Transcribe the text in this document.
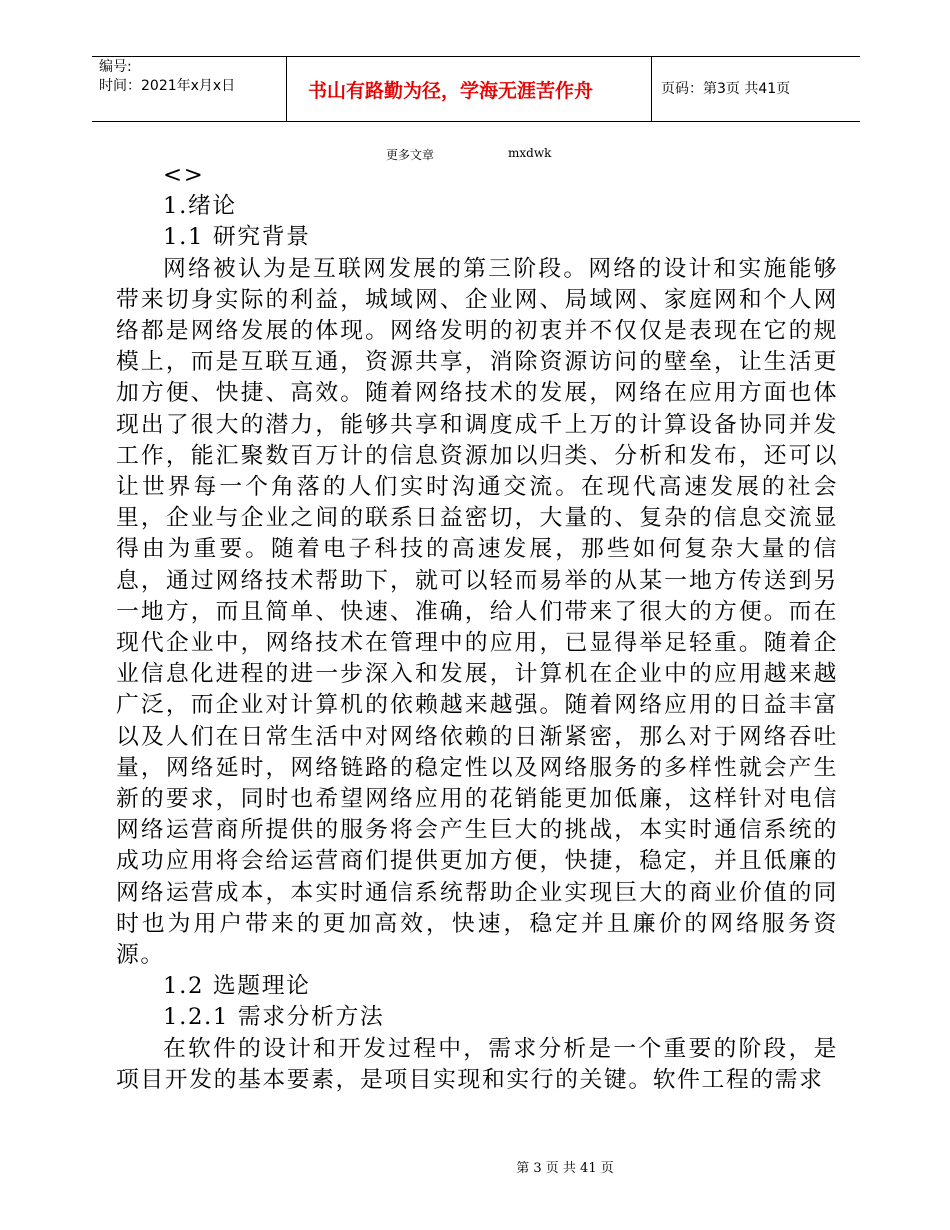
编号:
时间：2021年x月x日	书山有路勤为径，学海无涯苦作舟	页码：第3页 共41页
更多文章	mxdwk

<>

1.绪论

1.1 研究背景

网络被认为是互联网发展的第三阶段。网络的设计和实施能够带来切身实际的利益，城域网、企业网、局域网、家庭网和个人网络都是网络发展的体现。网络发明的初衷并不仅仅是表现在它的规模上，而是互联互通，资源共享，消除资源访问的壁垒，让生活更加方便、快捷、高效。随着网络技术的发展，网络在应用方面也体现出了很大的潜力，能够共享和调度成千上万的计算设备协同并发工作，能汇聚数百万计的信息资源加以归类、分析和发布，还可以让世界每一个角落的人们实时沟通交流。在现代高速发展的社会里，企业与企业之间的联系日益密切，大量的、复杂的信息交流显得由为重要。随着电子科技的高速发展，那些如何复杂大量的信息，通过网络技术帮助下，就可以轻而易举的从某一地方传送到另一地方，而且简单、快速、准确，给人们带来了很大的方便。而在现代企业中，网络技术在管理中的应用，已显得举足轻重。随着企业信息化进程的进一步深入和发展，计算机在企业中的应用越来越广泛，而企业对计算机的依赖越来越强。随着网络应用的日益丰富以及人们在日常生活中对网络依赖的日渐紧密，那么对于网络吞吐量，网络延时，网络链路的稳定性以及网络服务的多样性就会产生新的要求，同时也希望网络应用的花销能更加低廉，这样针对电信网络运营商所提供的服务将会产生巨大的挑战，本实时通信系统的成功应用将会给运营商们提供更加方便，快捷，稳定，并且低廉的网络运营成本，本实时通信系统帮助企业实现巨大的商业价值的同时也为用户带来的更加高效，快速，稳定并且廉价的网络服务资源。

1.2 选题理论

1.2.1 需求分析方法

在软件的设计和开发过程中，需求分析是一个重要的阶段，是项目开发的基本要素，是项目实现和实行的关键。软件工程的需求

第 3 页 共 41 页
